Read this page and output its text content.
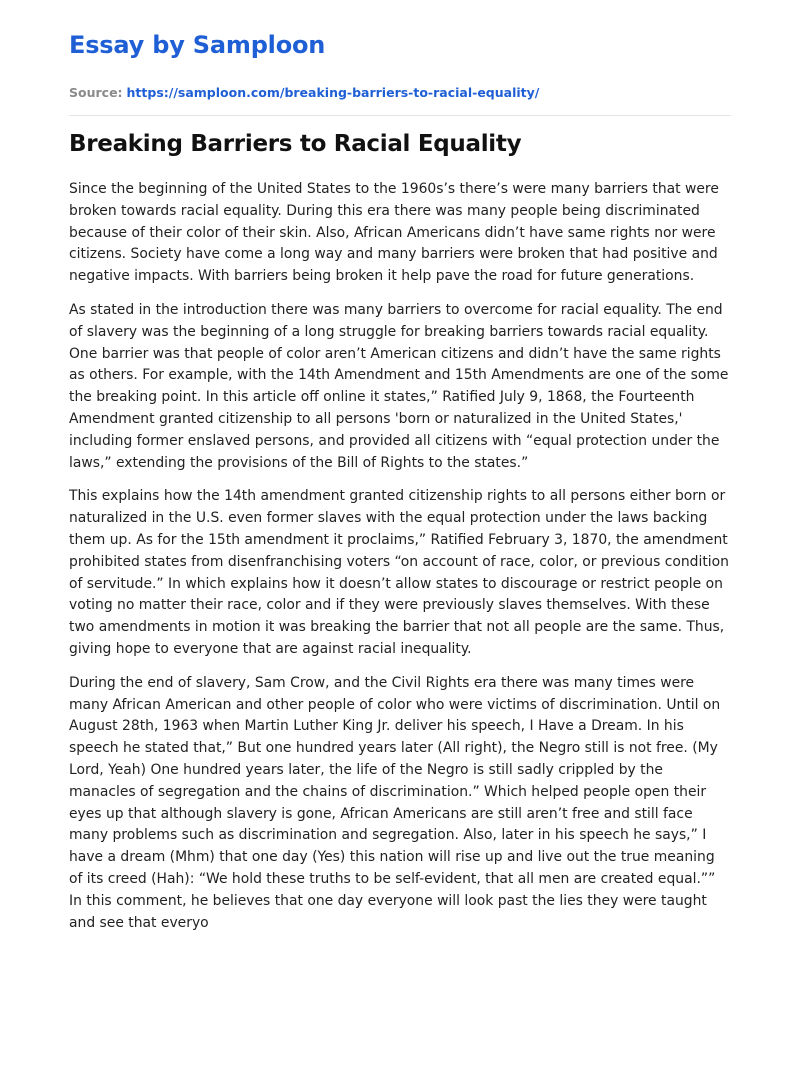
Essay by Samploon
Source: https://samploon.com/breaking-barriers-to-racial-equality/
Breaking Barriers to Racial Equality

Since the beginning of the United States to the 1960s’s there’s were many barriers that were broken towards racial equality. During this era there was many people being discriminated because of their color of their skin. Also, African Americans didn’t have same rights nor were citizens. Society have come a long way and many barriers were broken that had positive and negative impacts. With barriers being broken it help pave the road for future generations.

As stated in the introduction there was many barriers to overcome for racial equality. The end of slavery was the beginning of a long struggle for breaking barriers towards racial equality. One barrier was that people of color aren’t American citizens and didn’t have the same rights as others. For example, with the 14th Amendment and 15th Amendments are one of the some the breaking point. In this article off online it states,” Ratified July 9, 1868, the Fourteenth Amendment granted citizenship to all persons 'born or naturalized in the United States,' including former enslaved persons, and provided all citizens with “equal protection under the laws,” extending the provisions of the Bill of Rights to the states.”

This explains how the 14th amendment granted citizenship rights to all persons either born or naturalized in the U.S. even former slaves with the equal protection under the laws backing them up. As for the 15th amendment it proclaims,” Ratified February 3, 1870, the amendment prohibited states from disenfranchising voters “on account of race, color, or previous condition of servitude.” In which explains how it doesn’t allow states to discourage or restrict people on voting no matter their race, color and if they were previously slaves themselves. With these two amendments in motion it was breaking the barrier that not all people are the same. Thus, giving hope to everyone that are against racial inequality.

During the end of slavery, Sam Crow, and the Civil Rights era there was many times were many African American and other people of color who were victims of discrimination. Until on August 28th, 1963 when Martin Luther King Jr. deliver his speech, I Have a Dream. In his speech he stated that,” But one hundred years later (All right), the Negro still is not free. (My Lord, Yeah) One hundred years later, the life of the Negro is still sadly crippled by the manacles of segregation and the chains of discrimination.” Which helped people open their eyes up that although slavery is gone, African Americans are still aren’t free and still face many problems such as discrimination and segregation. Also, later in his speech he says,” I have a dream (Mhm) that one day (Yes) this nation will rise up and live out the true meaning of its creed (Hah): “We hold these truths to be self-evident, that all men are created equal.”” In this comment, he believes that one day everyone will look past the lies they were taught and see that everyo
